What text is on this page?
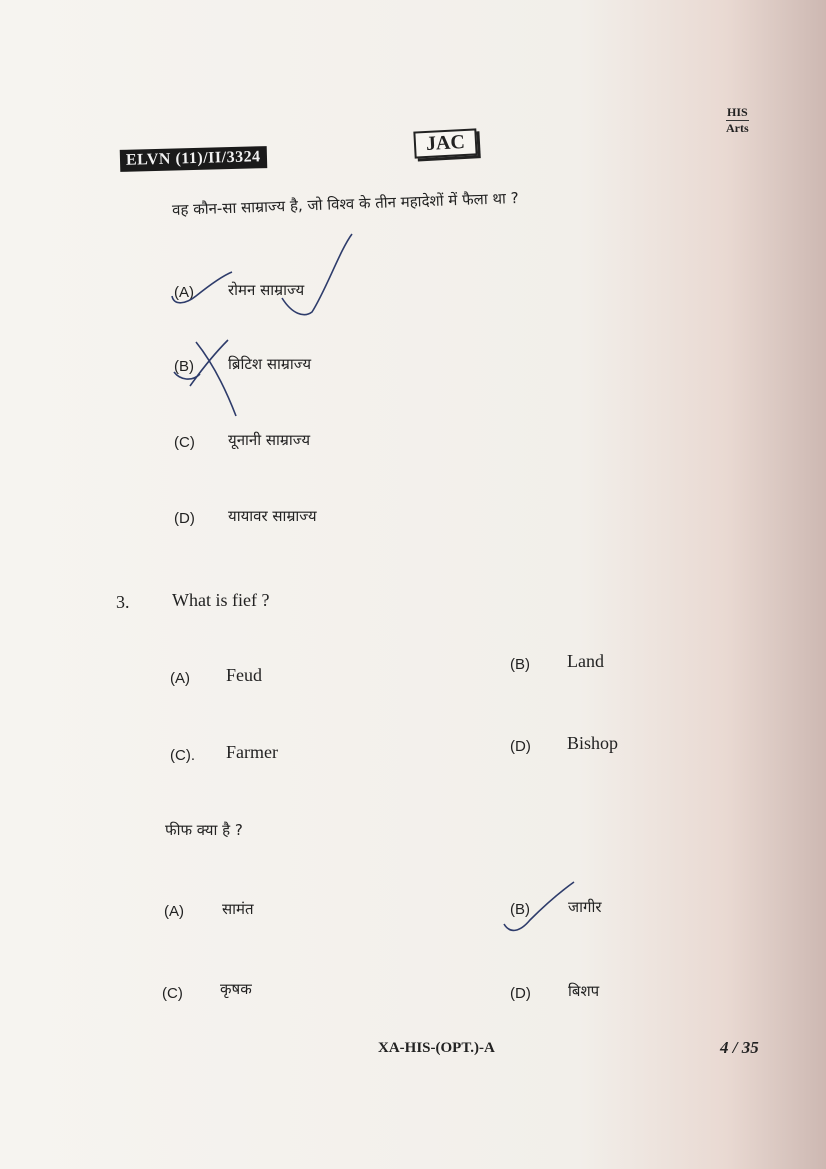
ELVN (11)/II/3324
JAC
HIS
Arts
वह कौन-सा साम्राज्य है, जो विश्व के तीन महादेशों में फैला था ?
(A) रोमन साम्राज्य
(B) ब्रिटिश साम्राज्य
(C) यूनानी साम्राज्य
(D) यायावर साम्राज्य
3. What is fief ?
(A) Feud
(B) Land
(C). Farmer	(D) Bishop
फीफ क्या है ?
(A)	सामंत	(B)	जागीर
(C) कृषक	(D) बिशप
XA-HIS-(OPT.)-A	4 / 35
